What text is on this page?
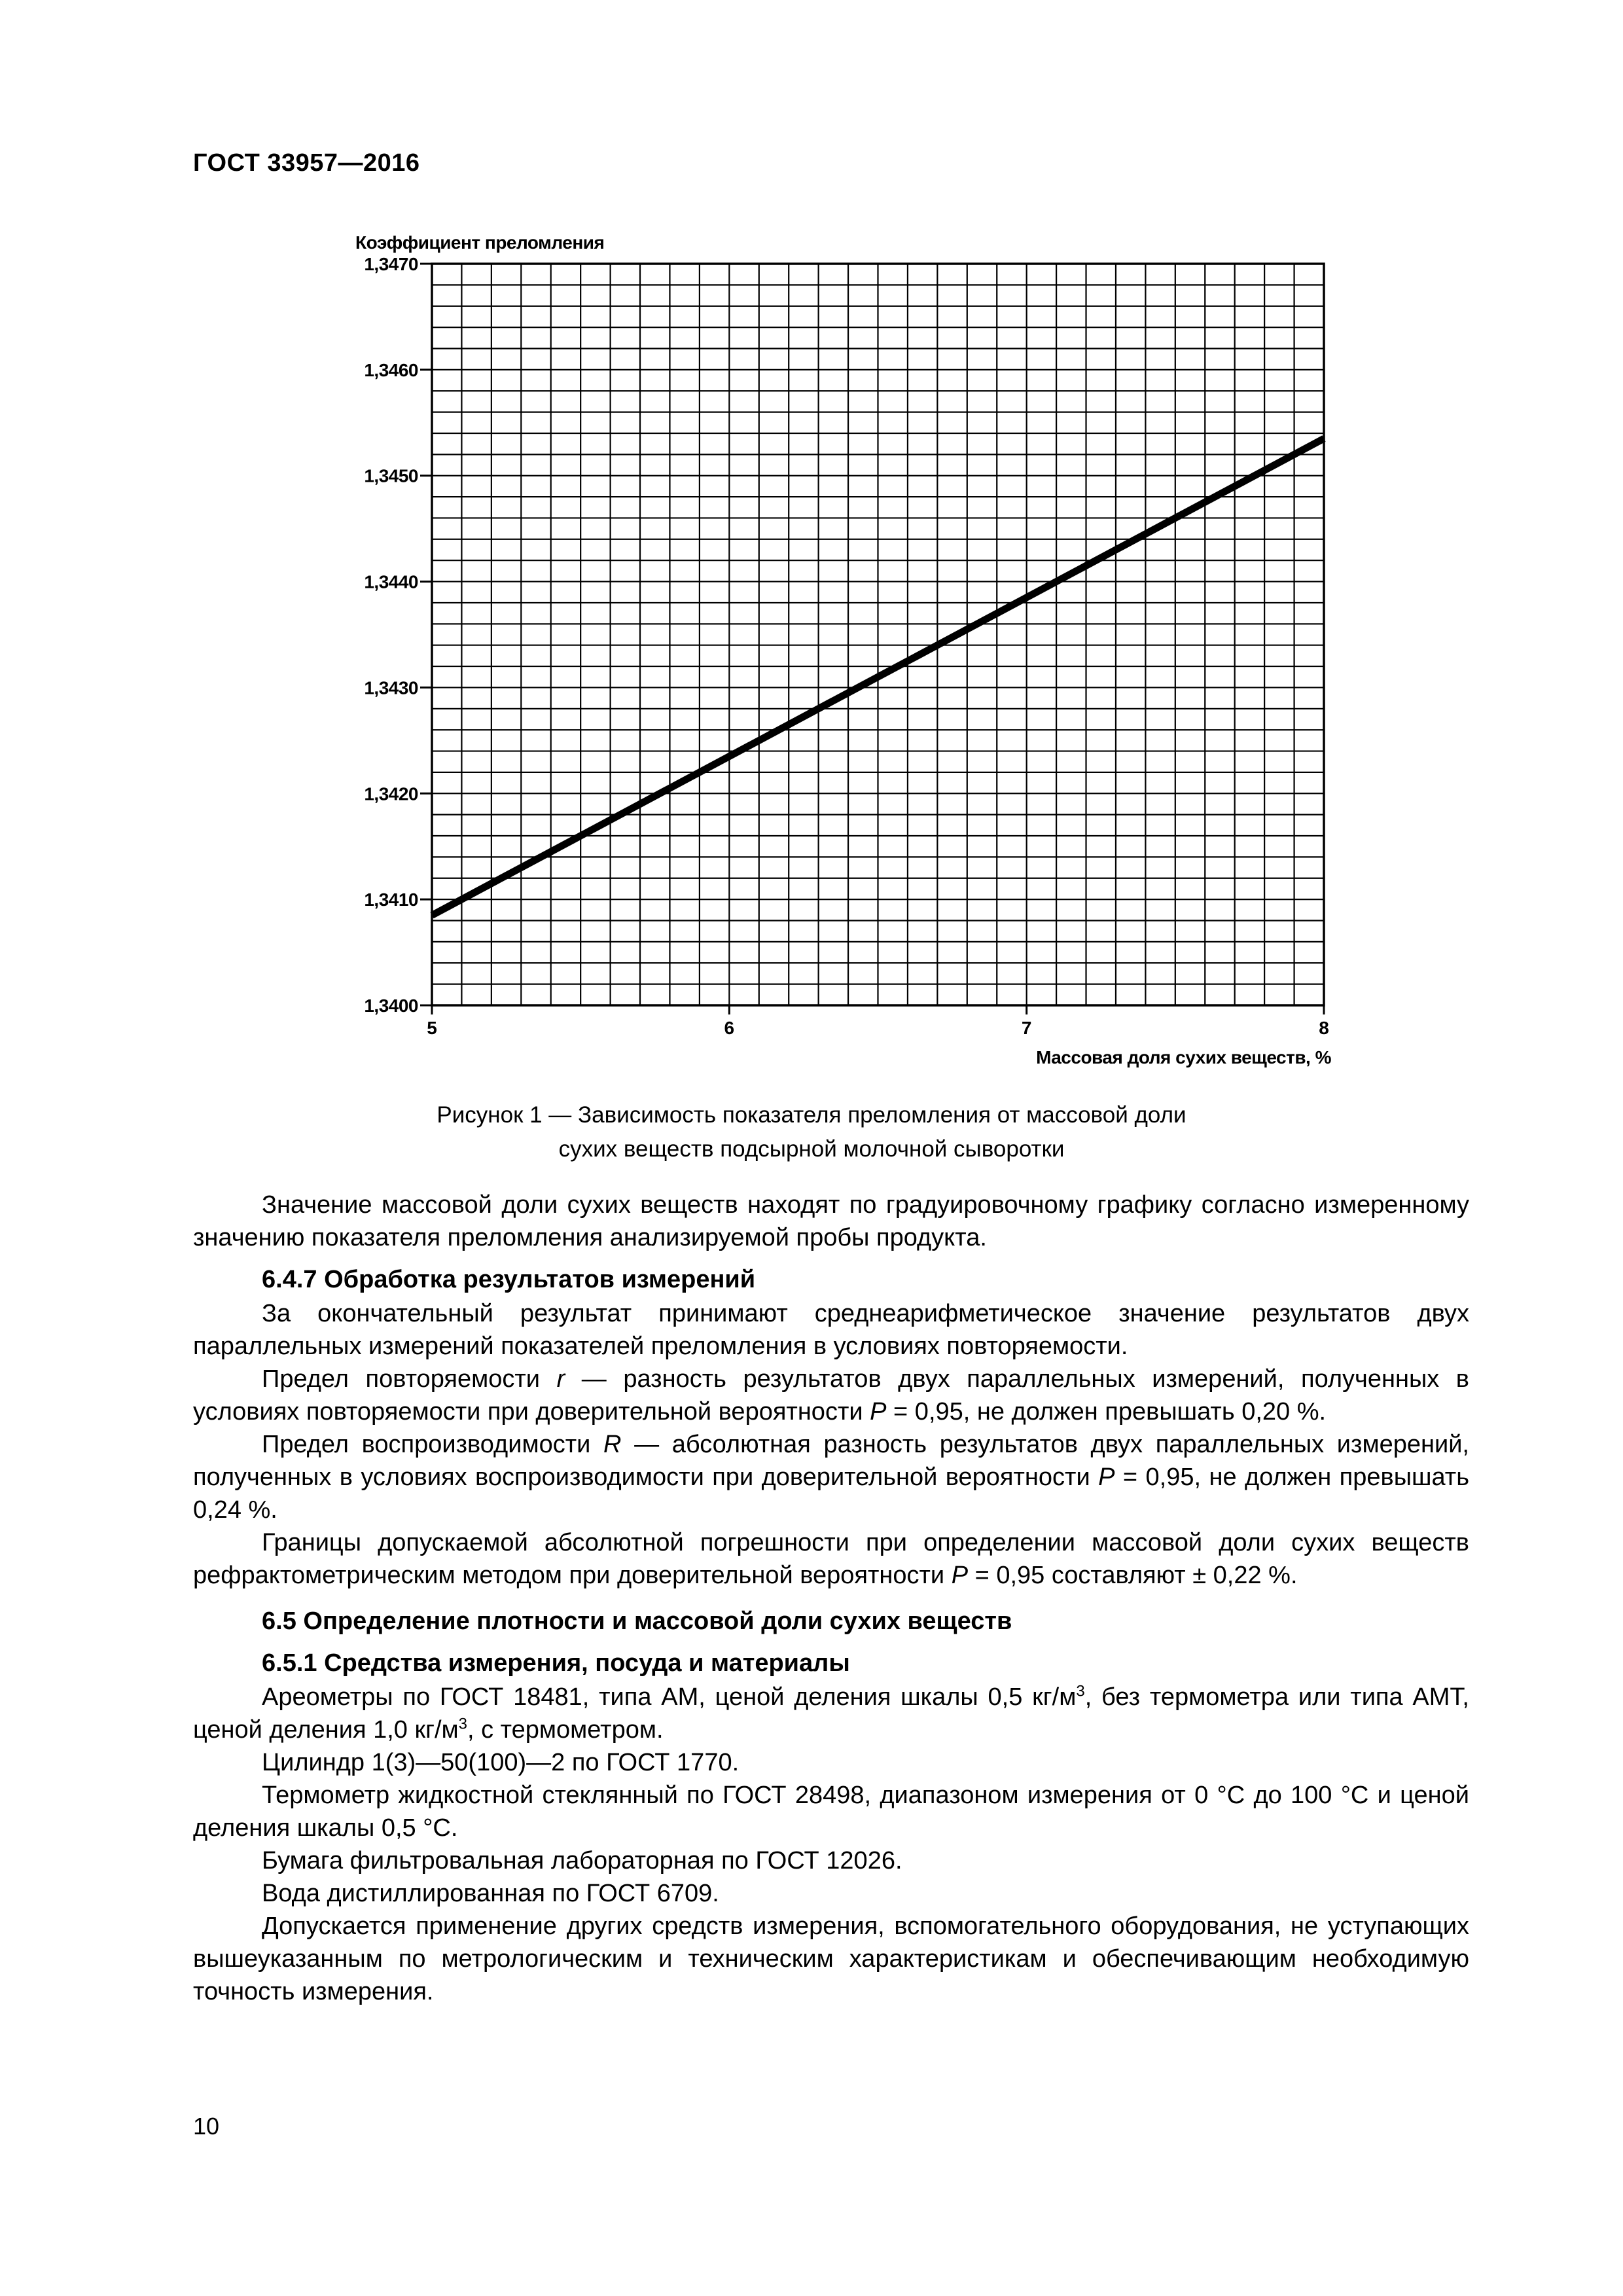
ГОСТ 33957—2016
1,3400
1,3410
1,3420
1,3430
1,3440
1,3450
1,3460
1,3470
5	6	7	8
Коэффициент преломления
Массовая доля сухих веществ, %
Рисунок 1 — Зависимость показателя преломления от массовой доли
сухих веществ подсырной молочной сыворотки

Значение массовой доли сухих веществ находят по градуировочному графику согласно измеренному значению показателя преломления анализируемой пробы продукта.

6.4.7 Обработка результатов измерений

За окончательный результат принимают среднеарифметическое значение результатов двух параллельных измерений показателей преломления в условиях повторяемости.

Предел повторяемости r — разность результатов двух параллельных измерений, полученных в условиях повторяемости при доверительной вероятности P = 0,95, не должен превышать 0,20 %.

Предел воспроизводимости R — абсолютная разность результатов двух параллельных измерений, полученных в условиях воспроизводимости при доверительной вероятности P = 0,95, не должен превышать 0,24 %.

Границы допускаемой абсолютной погрешности при определении массовой доли сухих веществ рефрактометрическим методом при доверительной вероятности P = 0,95 составляют ± 0,22 %.

6.5 Определение плотности и массовой доли сухих веществ

6.5.1 Средства измерения, посуда и материалы

Ареометры по ГОСТ 18481, типа АМ, ценой деления шкалы 0,5 $кг/м^3$, без термометра или типа АМТ, ценой деления 1,0 $кг/м^3$, с термометром.

Цилиндр 1(3)—50(100)—2 по ГОСТ 1770.

Термометр жидкостной стеклянный по ГОСТ 28498, диапазоном измерения от 0 °С до 100 °С и ценой деления шкалы 0,5 °С.

Бумага фильтровальная лабораторная по ГОСТ 12026.

Вода дистиллированная по ГОСТ 6709.

Допускается применение других средств измерения, вспомогательного оборудования, не уступающих вышеуказанным по метрологическим и техническим характеристикам и обеспечивающим необходимую точность измерения.

10
